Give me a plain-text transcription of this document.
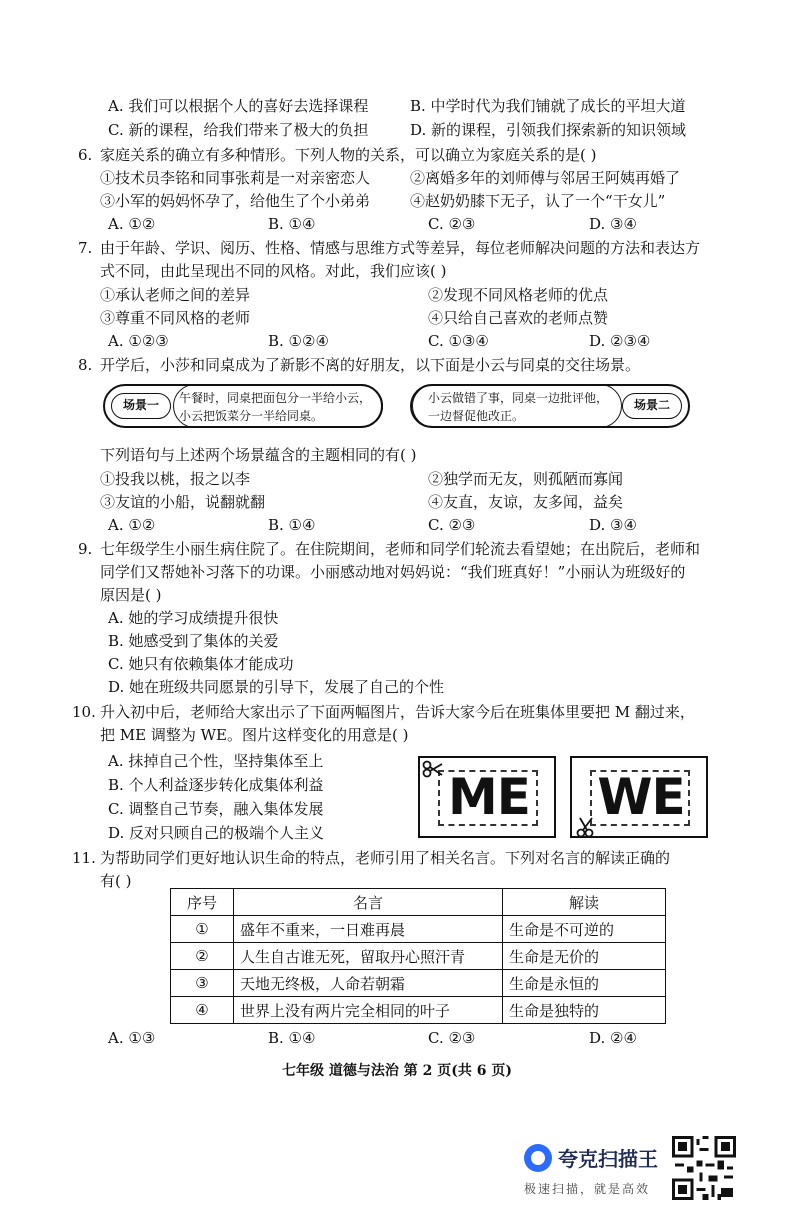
A. 我们可以根据个人的喜好去选择课程	B. 中学时代为我们铺就了成长的平坦大道
C. 新的课程，给我们带来了极大的负担	D. 新的课程，引领我们探索新的知识领域
6. 家庭关系的确立有多种情形。下列人物的关系，可以确立为家庭关系的是( )
①技术员李铭和同事张莉是一对亲密恋人	②离婚多年的刘师傅与邻居王阿姨再婚了
③小军的妈妈怀孕了，给他生了个小弟弟	④赵奶奶膝下无子，认了一个“干女儿”
A. ①②	B. ①④	C. ②③	D. ③④
7. 由于年龄、学识、阅历、性格、情感与思维方式等差异，每位老师解决问题的方法和表达方
式不同，由此呈现出不同的风格。对此，我们应该( )
①承认老师之间的差异	②发现不同风格老师的优点
③尊重不同风格的老师	④只给自己喜欢的老师点赞
A. ①②③	B. ①②④	C. ①③④	D. ②③④
8. 开学后，小莎和同桌成为了新影不离的好朋友，以下面是小云与同桌的交往场景。
场景一	午餐时，同桌把面包分一半给小云，
小云把饭菜分一半给同桌。
小云做错了事，同桌一边批评他，
一边督促他改正。
场景二
下列语句与上述两个场景蕴含的主题相同的有( )
①投我以桃，报之以李	②独学而无友，则孤陋而寡闻
③友谊的小船，说翻就翻	④友直，友谅，友多闻，益矣
A. ①②	B. ①④	C. ②③	D. ③④
9. 七年级学生小丽生病住院了。在住院期间，老师和同学们轮流去看望她；在出院后，老师和
同学们又帮她补习落下的功课。小丽感动地对妈妈说：“我们班真好！”小丽认为班级好的
原因是( )
A. 她的学习成绩提升很快
B. 她感受到了集体的关爱
C. 她只有依赖集体才能成功
D. 她在班级共同愿景的引导下，发展了自己的个性
10. 升入初中后，老师给大家出示了下面两幅图片，告诉大家今后在班集体里要把 M 翻过来，
把 ME 调整为 WE。图片这样变化的用意是( )
A. 抹掉自己个性，坚持集体至上
B. 个人利益逐步转化成集体利益
C. 调整自己节奏，融入集体发展
D. 反对只顾自己的极端个人主义
ME	WE
11. 为帮助同学们更好地认识生命的特点，老师引用了相关名言。下列对名言的解读正确的
有( )
序号	名言	解读
①	盛年不重来，一日难再晨	生命是不可逆的
②	人生自古谁无死，留取丹心照汗青	生命是无价的
③	天地无终极，人命若朝霜	生命是永恒的
④	世界上没有两片完全相同的叶子	生命是独特的
A. ①③	B. ①④	C. ②③	D. ②④
七年级 道德与法治 第 2 页(共 6 页)
夸克扫描王
极速扫描，就是高效
